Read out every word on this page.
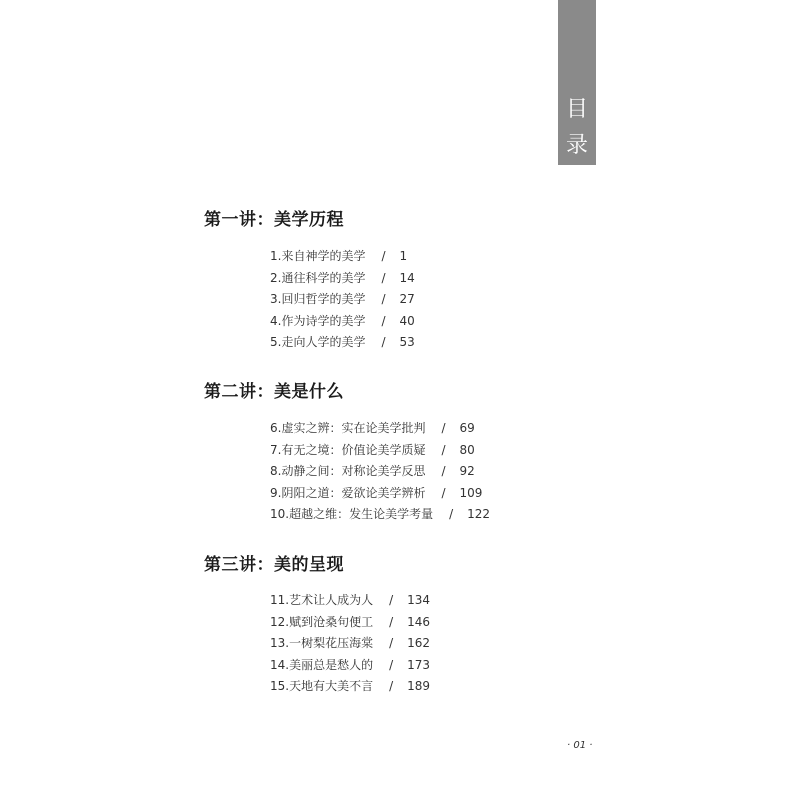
目
录
第一讲：美学历程
1.来自神学的美学 / 1
2.通往科学的美学 / 14
3.回归哲学的美学 / 27
4.作为诗学的美学 / 40
5.走向人学的美学 / 53
第二讲：美是什么
6.虚实之辨：实在论美学批判 / 69
7.有无之境：价值论美学质疑 / 80
8.动静之间：对称论美学反思 / 92
9.阴阳之道：爱欲论美学辨析 / 109
10.超越之维：发生论美学考量 / 122
第三讲：美的呈现
11.艺术让人成为人 / 134
12.赋到沧桑句便工 / 146
13.一树梨花压海棠 / 162
14.美丽总是愁人的 / 173
15.天地有大美不言 / 189
· 01 ·
